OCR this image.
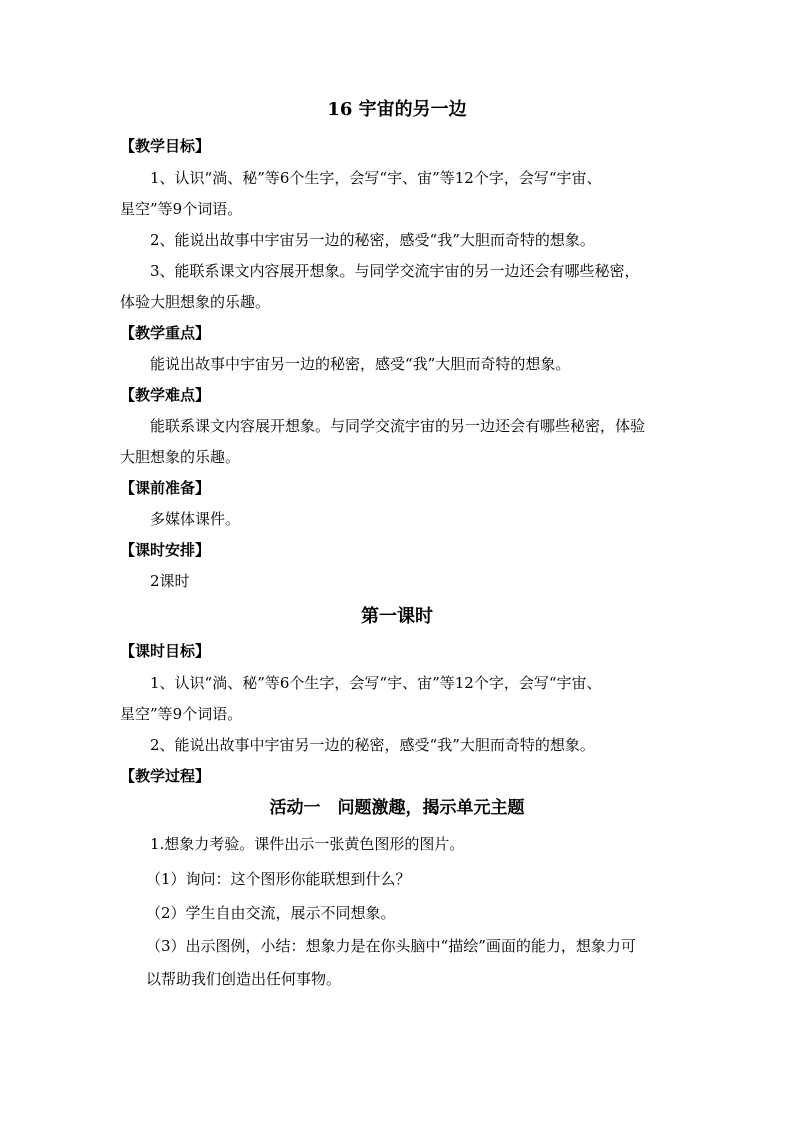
16 宇宙的另一边
【教学目标】
1、认识“淌、秘”等6个生字，会写“宇、宙”等12个字，会写“宇宙、
星空”等9个词语。
2、能说出故事中宇宙另一边的秘密，感受“我”大胆而奇特的想象。
3、能联系课文内容展开想象。与同学交流宇宙的另一边还会有哪些秘密，
体验大胆想象的乐趣。
【教学重点】
能说出故事中宇宙另一边的秘密，感受“我”大胆而奇特的想象。
【教学难点】
能联系课文内容展开想象。与同学交流宇宙的另一边还会有哪些秘密，体验
大胆想象的乐趣。
【课前准备】
多媒体课件。
【课时安排】
2课时
第一课时
【课时目标】
1、认识“淌、秘”等6个生字，会写“宇、宙”等12个字，会写“宇宙、
星空”等9个词语。
2、能说出故事中宇宙另一边的秘密，感受“我”大胆而奇特的想象。
【教学过程】
活动一　问题激趣，揭示单元主题
1.想象力考验。课件出示一张黄色图形的图片。
（1）询问：这个图形你能联想到什么？
（2）学生自由交流，展示不同想象。
（3）出示图例，小结：想象力是在你头脑中“描绘”画面的能力，想象力可
以帮助我们创造出任何事物。
